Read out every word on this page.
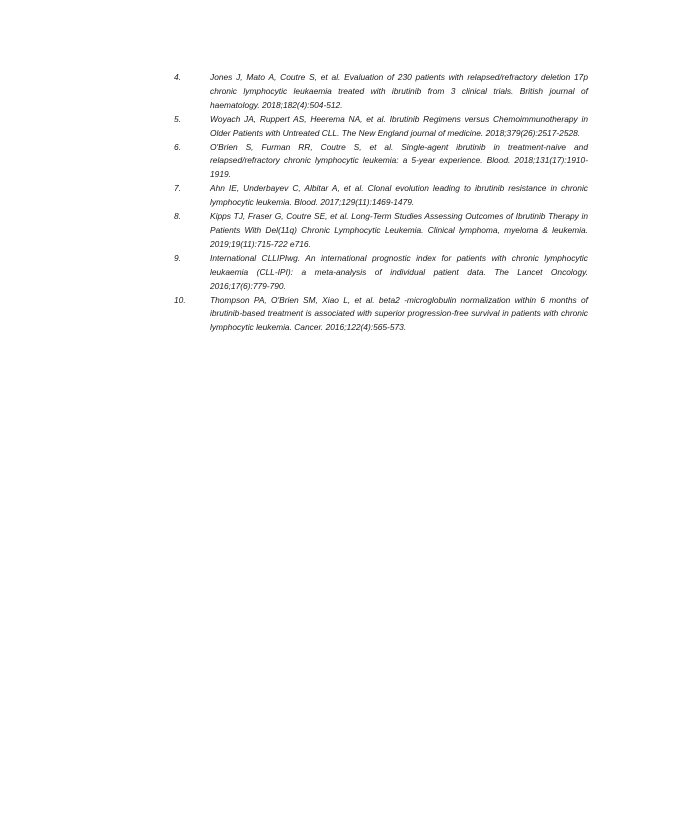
4.	Jones J, Mato A, Coutre S, et al. Evaluation of 230 patients with relapsed/refractory deletion 17p chronic lymphocytic leukaemia treated with ibrutinib from 3 clinical trials. British journal of haematology. 2018;182(4):504-512.
5.	Woyach JA, Ruppert AS, Heerema NA, et al. Ibrutinib Regimens versus Chemoimmunotherapy in Older Patients with Untreated CLL. The New England journal of medicine. 2018;379(26):2517-2528.
6.	O'Brien S, Furman RR, Coutre S, et al. Single-agent ibrutinib in treatment-naive and relapsed/refractory chronic lymphocytic leukemia: a 5-year experience. Blood. 2018;131(17):1910-1919.
7.	Ahn IE, Underbayev C, Albitar A, et al. Clonal evolution leading to ibrutinib resistance in chronic lymphocytic leukemia. Blood. 2017;129(11):1469-1479.
8.	Kipps TJ, Fraser G, Coutre SE, et al. Long-Term Studies Assessing Outcomes of Ibrutinib Therapy in Patients With Del(11q) Chronic Lymphocytic Leukemia. Clinical lymphoma, myeloma & leukemia. 2019;19(11):715-722 e716.
9.	International CLLIPIwg. An international prognostic index for patients with chronic lymphocytic leukaemia (CLL-IPI): a meta-analysis of individual patient data. The Lancet Oncology. 2016;17(6):779-790.
10.	Thompson PA, O'Brien SM, Xiao L, et al. beta2 -microglobulin normalization within 6 months of ibrutinib-based treatment is associated with superior progression-free survival in patients with chronic lymphocytic leukemia. Cancer. 2016;122(4):565-573.
